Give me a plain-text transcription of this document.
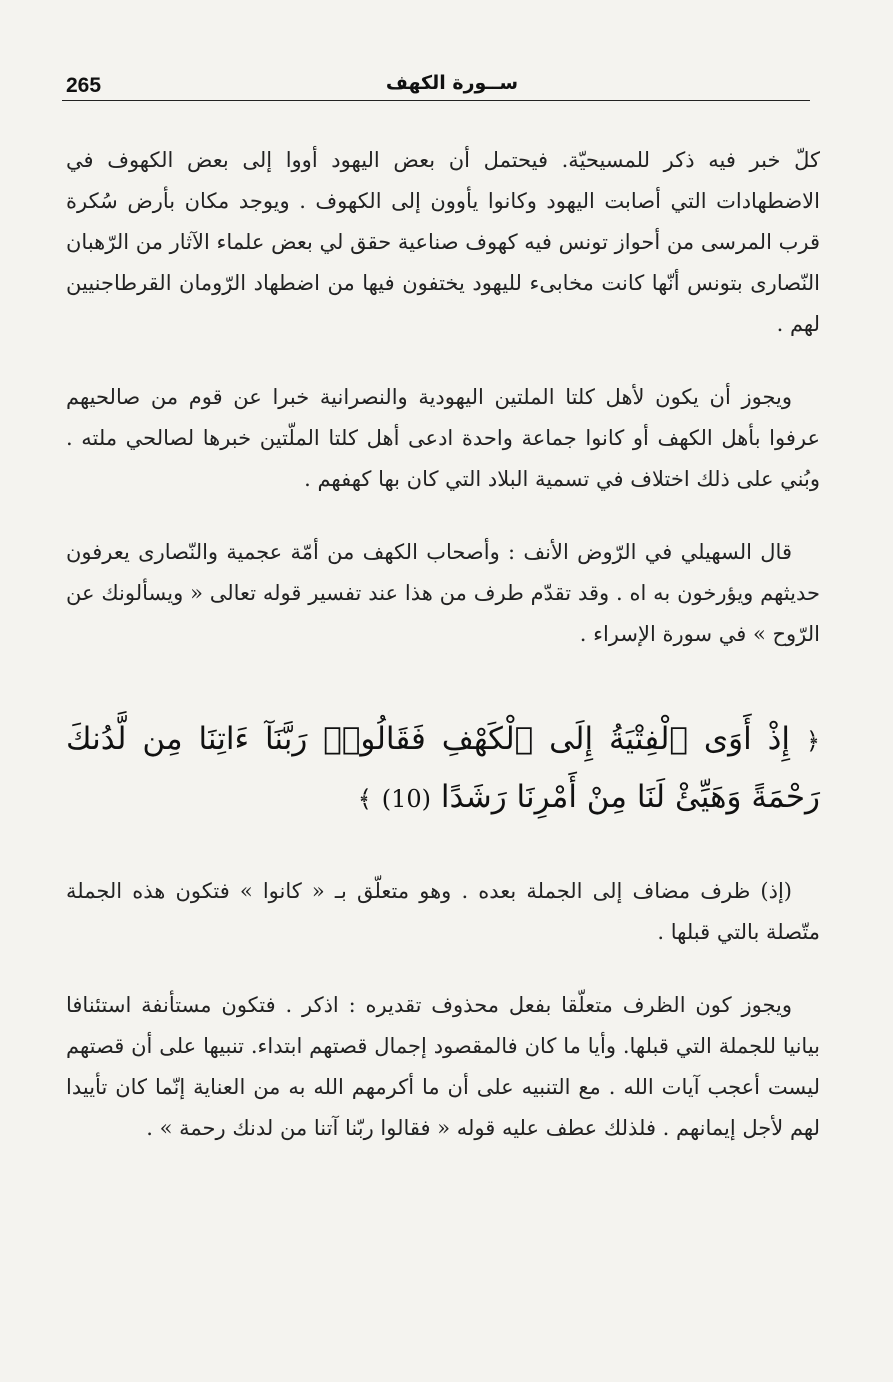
265	ســورة الكهف

كلّ خبر فيه ذكر للمسيحيّة. فيحتمل أن بعض اليهود أووا إلى بعض الكهوف في الاضطهادات التي أصابت اليهود وكانوا يأوون إلى الكهوف . ويوجد مكان بأرض سُكرة قرب المرسى من أحواز تونس فيه كهوف صناعية حقق لي بعض علماء الآثار من الرّهبان النّصارى بتونس أنّها كانت مخابىء لليهود يختفون فيها من اضطهاد الرّومان القرطاجنيين لهم .

ويجوز أن يكون لأهل كلتا الملتين اليهودية والنصرانية خبرا عن قوم من صالحيهم عرفوا بأهل الكهف أو كانوا جماعة واحدة ادعى أهل كلتا الملّتين خبرها لصالحي ملته . وبُني على ذلك اختلاف في تسمية البلاد التي كان بها كهفهم .

قال السهيلي في الرّوض الأنف : وأصحاب الكهف من أمّة عجمية والنّصارى يعرفون حديثهم ويؤرخون به اه . وقد تقدّم طرف من هذا عند تفسير قوله تعالى « ويسألونك عن الرّوح » في سورة الإسراء .

﴿ إِذْ أَوَى ٱلْفِتْيَةُ إِلَى ٱلْكَهْفِ فَقَالُوا۟ رَبَّنَآ ءَاتِنَا مِن لَّدُنكَ رَحْمَةً وَهَيِّئْ لَنَا مِنْ أَمْرِنَا رَشَدًا (10) ﴾

(إذ) ظرف مضاف إلى الجملة بعده . وهو متعلّق بـ « كانوا » فتكون هذه الجملة متّصلة بالتي قبلها .

ويجوز كون الظرف متعلّقا بفعل محذوف تقديره : اذكر . فتكون مستأنفة استئنافا بيانيا للجملة التي قبلها. وأيا ما كان فالمقصود إجمال قصتهم ابتداء. تنبيها على أن قصتهم ليست أعجب آيات الله . مع التنبيه على أن ما أكرمهم الله به من العناية إنّما كان تأييدا لهم لأجل إيمانهم . فلذلك عطف عليه قوله « فقالوا ربّنا آتنا من لدنك رحمة » .
